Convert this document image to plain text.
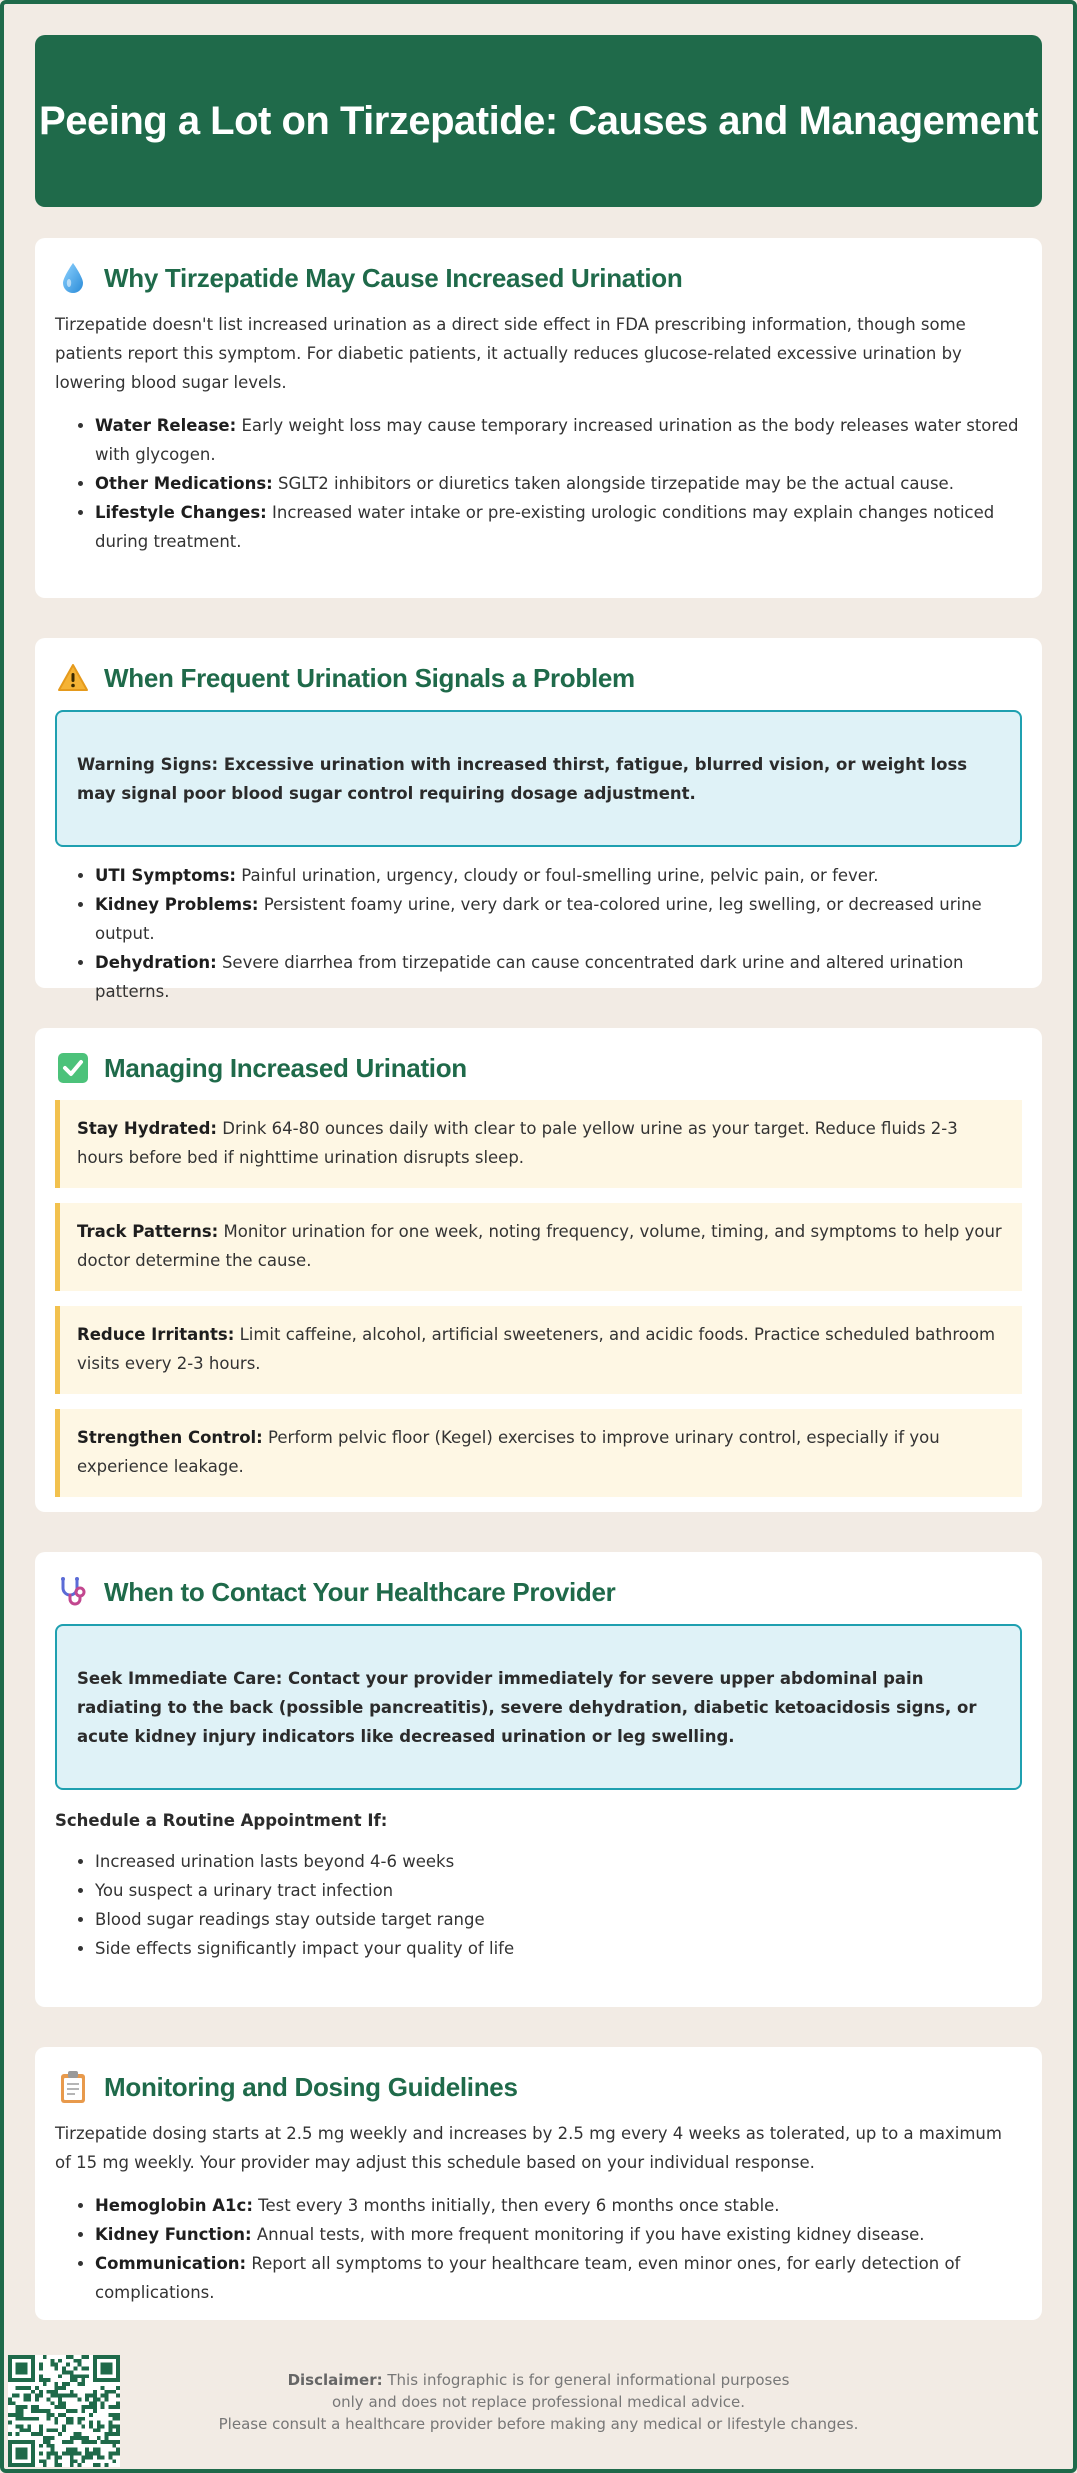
Peeing a Lot on Tirzepatide: Causes and Management
Why Tirzepatide May Cause Increased Urination

Tirzepatide doesn't list increased urination as a direct side effect in FDA prescribing information, though some patients report this symptom. For diabetic patients, it actually reduces glucose-related excessive urination by lowering blood sugar levels.

• Water Release: Early weight loss may cause temporary increased urination as the body releases water stored with glycogen.
• Other Medications: SGLT2 inhibitors or diuretics taken alongside tirzepatide may be the actual cause.
• Lifestyle Changes: Increased water intake or pre-existing urologic conditions may explain changes noticed during treatment.
When Frequent Urination Signals a Problem
Warning Signs: Excessive urination with increased thirst, fatigue, blurred vision, or weight loss may signal poor blood sugar control requiring dosage adjustment.
• UTI Symptoms: Painful urination, urgency, cloudy or foul-smelling urine, pelvic pain, or fever.
• Kidney Problems: Persistent foamy urine, very dark or tea-colored urine, leg swelling, or decreased urine output.
• Dehydration: Severe diarrhea from tirzepatide can cause concentrated dark urine and altered urination patterns.
Managing Increased Urination
Stay Hydrated: Drink 64-80 ounces daily with clear to pale yellow urine as your target. Reduce fluids 2-3 hours before bed if nighttime urination disrupts sleep.
Track Patterns: Monitor urination for one week, noting frequency, volume, timing, and symptoms to help your doctor determine the cause.
Reduce Irritants: Limit caffeine, alcohol, artificial sweeteners, and acidic foods. Practice scheduled bathroom visits every 2-3 hours.
Strengthen Control: Perform pelvic floor (Kegel) exercises to improve urinary control, especially if you experience leakage.
When to Contact Your Healthcare Provider
Seek Immediate Care: Contact your provider immediately for severe upper abdominal pain radiating to the back (possible pancreatitis), severe dehydration, diabetic ketoacidosis signs, or acute kidney injury indicators like decreased urination or leg swelling.
Schedule a Routine Appointment If:
• Increased urination lasts beyond 4-6 weeks
• You suspect a urinary tract infection
• Blood sugar readings stay outside target range
• Side effects significantly impact your quality of life
Monitoring and Dosing Guidelines

Tirzepatide dosing starts at 2.5 mg weekly and increases by 2.5 mg every 4 weeks as tolerated, up to a maximum of 15 mg weekly. Your provider may adjust this schedule based on your individual response.

• Hemoglobin A1c: Test every 3 months initially, then every 6 months once stable.
• Kidney Function: Annual tests, with more frequent monitoring if you have existing kidney disease.
• Communication: Report all symptoms to your healthcare team, even minor ones, for early detection of complications.
Disclaimer: This infographic is for general informational purposes
only and does not replace professional medical advice.
Please consult a healthcare provider before making any medical or lifestyle changes.
